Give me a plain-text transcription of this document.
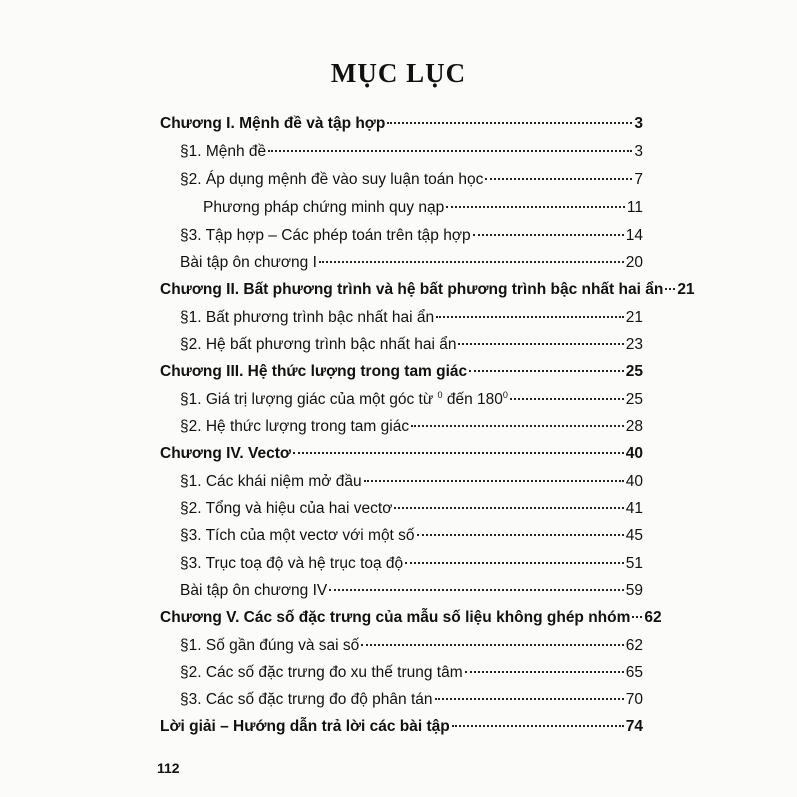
MỤC LỤC
Chương I. Mệnh đề và tập hợp	3
§1. Mệnh đề	3
§2. Áp dụng mệnh đề vào suy luận toán học	7
Phương pháp chứng minh quy nạp	11
§3. Tập hợp – Các phép toán trên tập hợp	14
Bài tập ôn chương I	20
Chương II. Bất phương trình và hệ bất phương trình bậc nhất hai ẩn 21
§1. Bất phương trình bậc nhất hai ẩn	21
§2. Hệ bất phương trình bậc nhất hai ẩn	23
Chương III. Hệ thức lượng trong tam giác	25
§1. Giá trị lượng giác của một góc từ $^0$ đến $180^0$	25
§2. Hệ thức lượng trong tam giác	28
Chương IV. Vectơ	40
§1. Các khái niệm mở đầu	40
§2. Tổng và hiệu của hai vectơ	41
§3. Tích của một vectơ với một số	45
§3. Trục toạ độ và hệ trục toạ độ	51
Bài tập ôn chương IV	59
Chương V. Các số đặc trưng của mẫu số liệu không ghép nhóm 62
§1. Số gần đúng và sai số	62
§2. Các số đặc trưng đo xu thế trung tâm	65
§3. Các số đặc trưng đo độ phân tán	70
Lời giải – Hướng dẫn trả lời các bài tập	74
112
